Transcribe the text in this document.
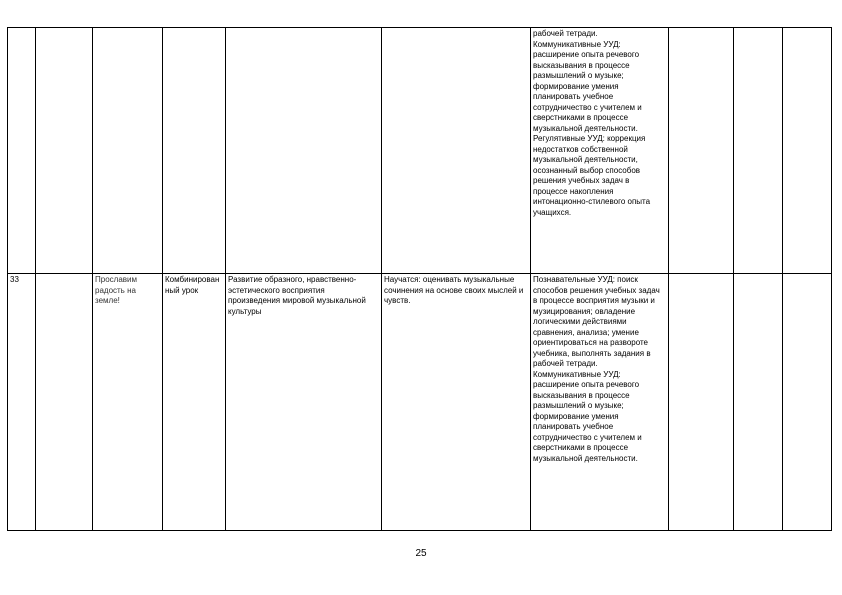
						рабочей тетради.
Коммуникативные УУД: расширение опыта речевого высказывания в процессе размышлений о музыке; формирование умения планировать учебное сотрудничество с учителем и сверстниками в процессе музыкальной деятельности.
Регулятивные УУД: коррекция недостатков собственной музыкальной деятельности, осознанный выбор способов решения учебных задач в процессе накопления интонационно-стилевого опыта учащихся.			
33		Прославим радость на земле!	Комбинированный урок	Развитие образного, нравственно-эстетического восприятия произведения мировой музыкальной культуры	Научатся: оценивать музыкальные сочинения на основе своих мыслей и чувств.	Познавательные УУД: поиск способов решения учебных задач в процессе восприятия музыки и музицирования; овладение логическими действиями сравнения, анализа; умение ориентироваться на развороте учебника, выполнять задания в рабочей тетради.
Коммуникативные УУД: расширение опыта речевого высказывания в процессе размышлений о музыке; формирование умения планировать учебное сотрудничество с учителем и сверстниками в процессе музыкальной деятельности.			
25
